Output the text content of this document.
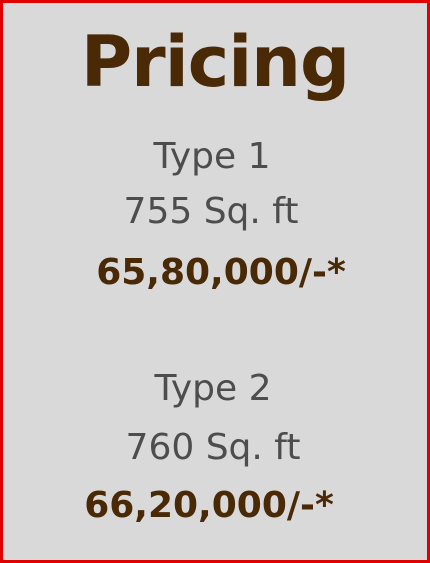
Pricing
Type 1
755 Sq. ft
65,80,000/-*
Type 2
760 Sq. ft
66,20,000/-*
